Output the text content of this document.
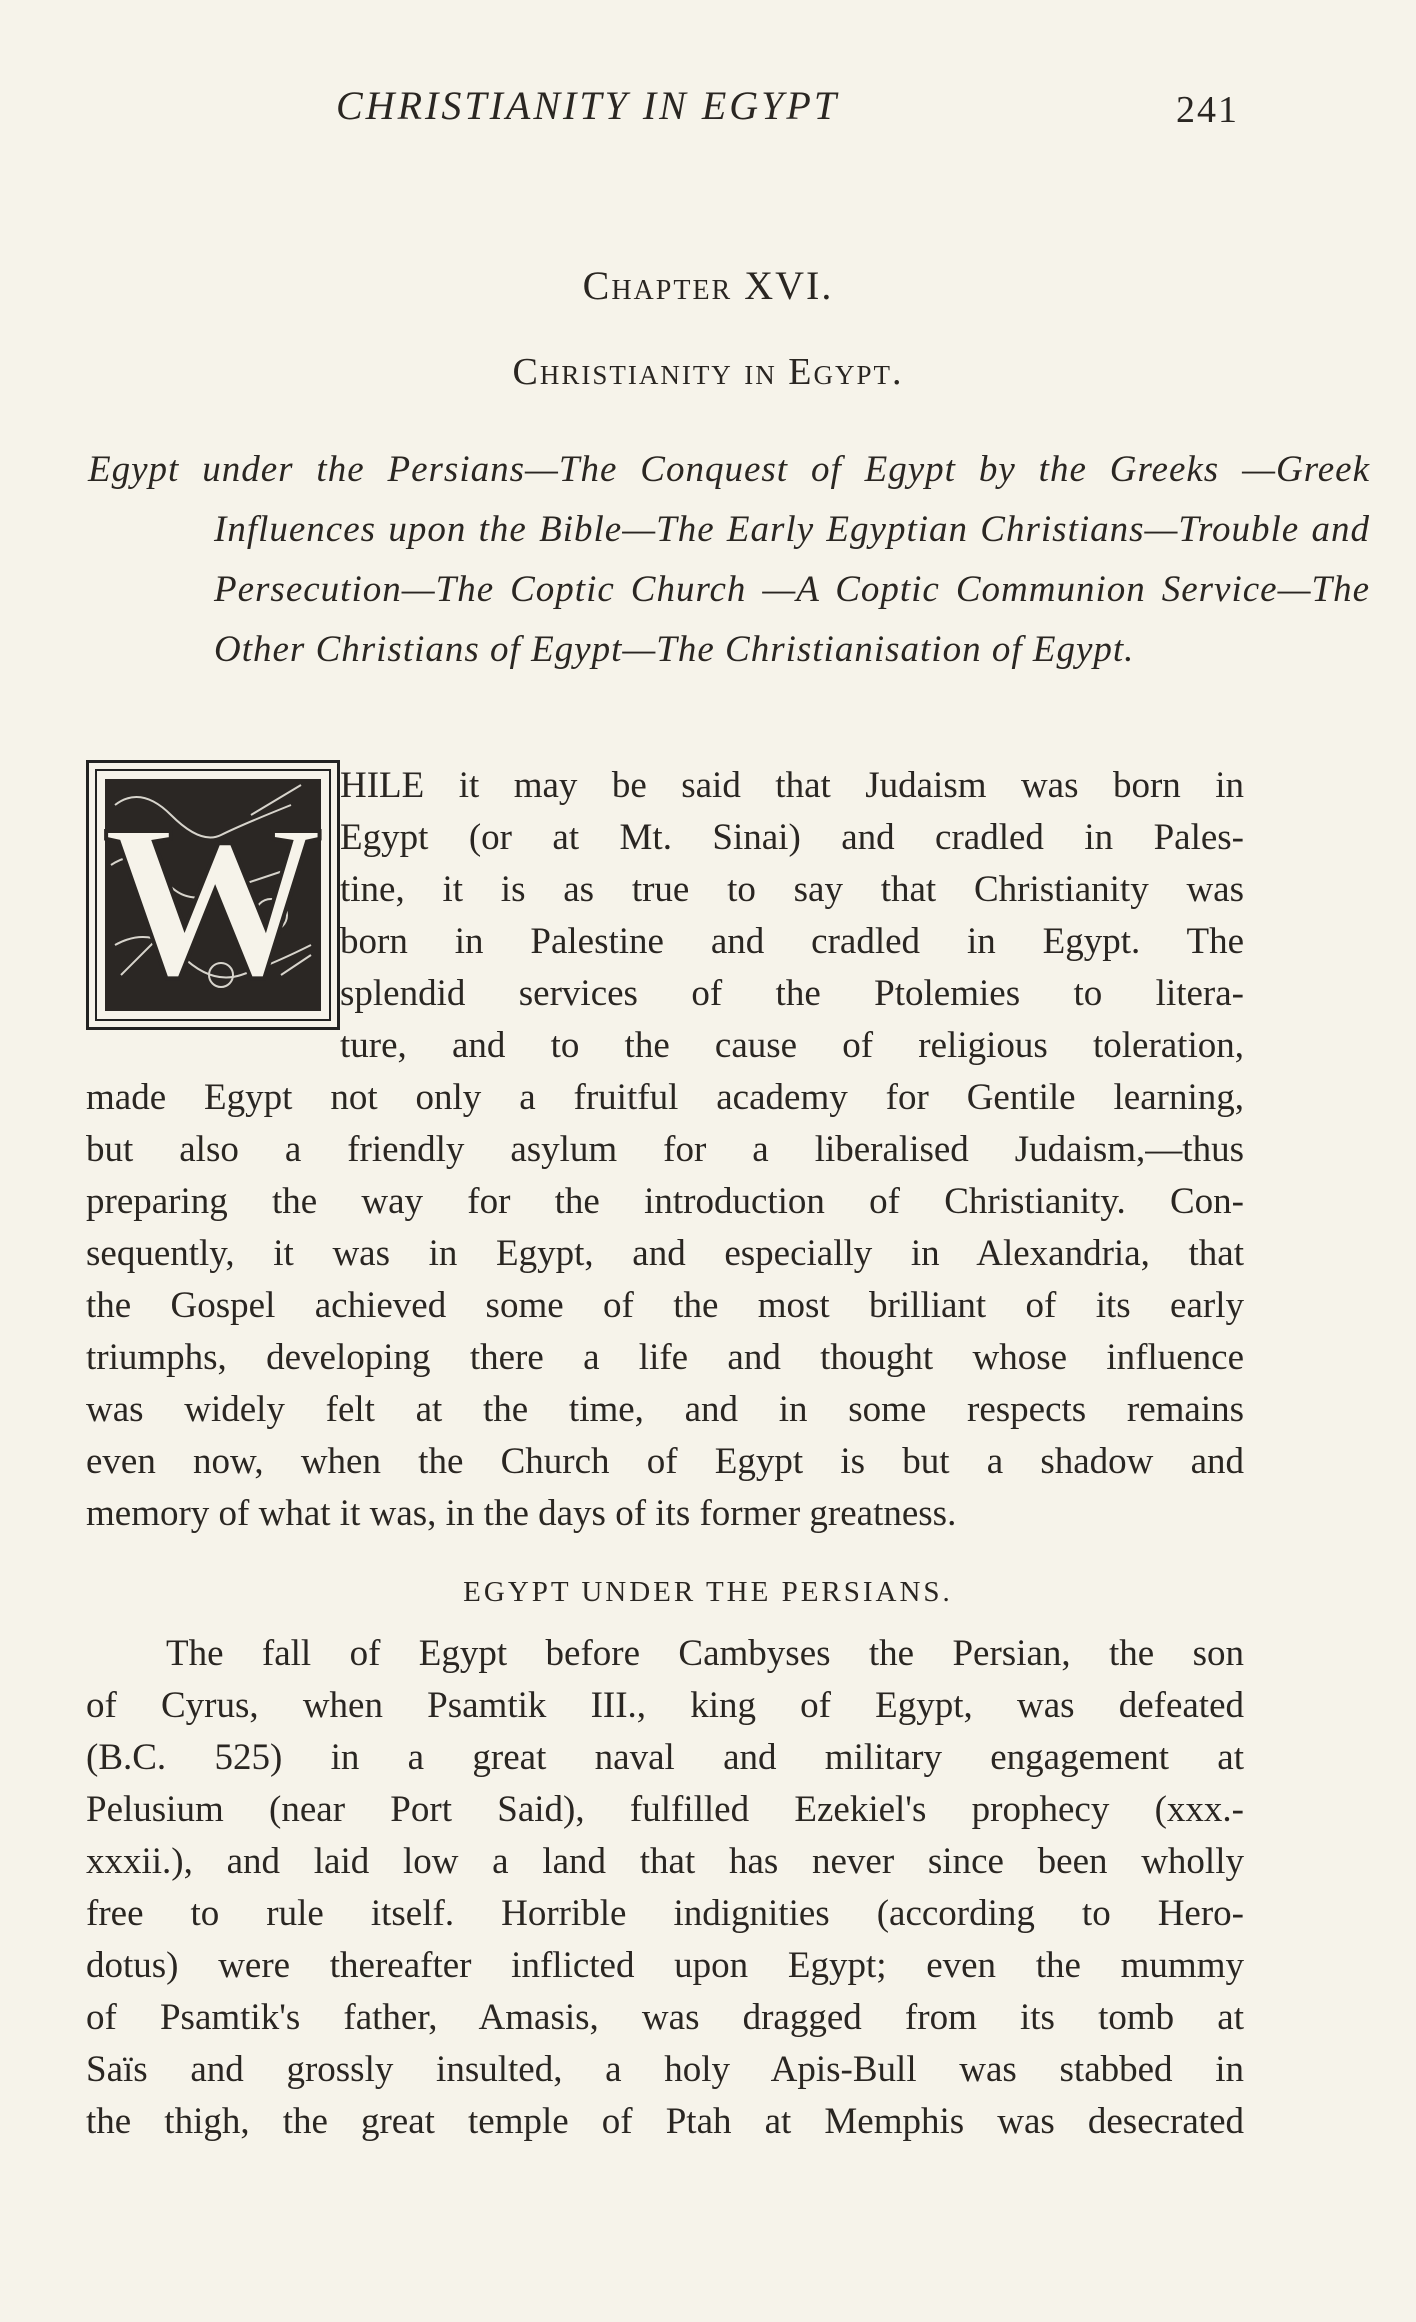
CHRISTIANITY IN EGYPT	241
Chapter XVI.
Christianity in Egypt.

Egypt under the Persians—The Conquest of Egypt by the Greeks —Greek Influences upon the Bible—The Early Egyptian Christians—Trouble and Persecution—The Coptic Church —A Coptic Communion Service—The Other Christians of Egypt—The Christianisation of Egypt.

W HILE it may be said that Judaism was born in
Egypt (or at Mt. Sinai) and cradled in Pales-
tine, it is as true to say that Christianity was
born in Palestine and cradled in Egypt. The
splendid services of the Ptolemies to litera-
ture, and to the cause of religious toleration,
made Egypt not only a fruitful academy for Gentile learning,
but also a friendly asylum for a liberalised Judaism,—thus
preparing the way for the introduction of Christianity. Con-
sequently, it was in Egypt, and especially in Alexandria, that
the Gospel achieved some of the most brilliant of its early
triumphs, developing there a life and thought whose influence
was widely felt at the time, and in some respects remains
even now, when the Church of Egypt is but a shadow and
memory of what it was, in the days of its former greatness.
EGYPT UNDER THE PERSIANS.
The fall of Egypt before Cambyses the Persian, the son
of Cyrus, when Psamtik III., king of Egypt, was defeated
(B.C. 525) in a great naval and military engagement at
Pelusium (near Port Said), fulfilled Ezekiel's prophecy (xxx.-
xxxii.), and laid low a land that has never since been wholly
free to rule itself. Horrible indignities (according to Hero-
dotus) were thereafter inflicted upon Egypt; even the mummy
of Psamtik's father, Amasis, was dragged from its tomb at
Saïs and grossly insulted, a holy Apis-Bull was stabbed in
the thigh, the great temple of Ptah at Memphis was desecrated
